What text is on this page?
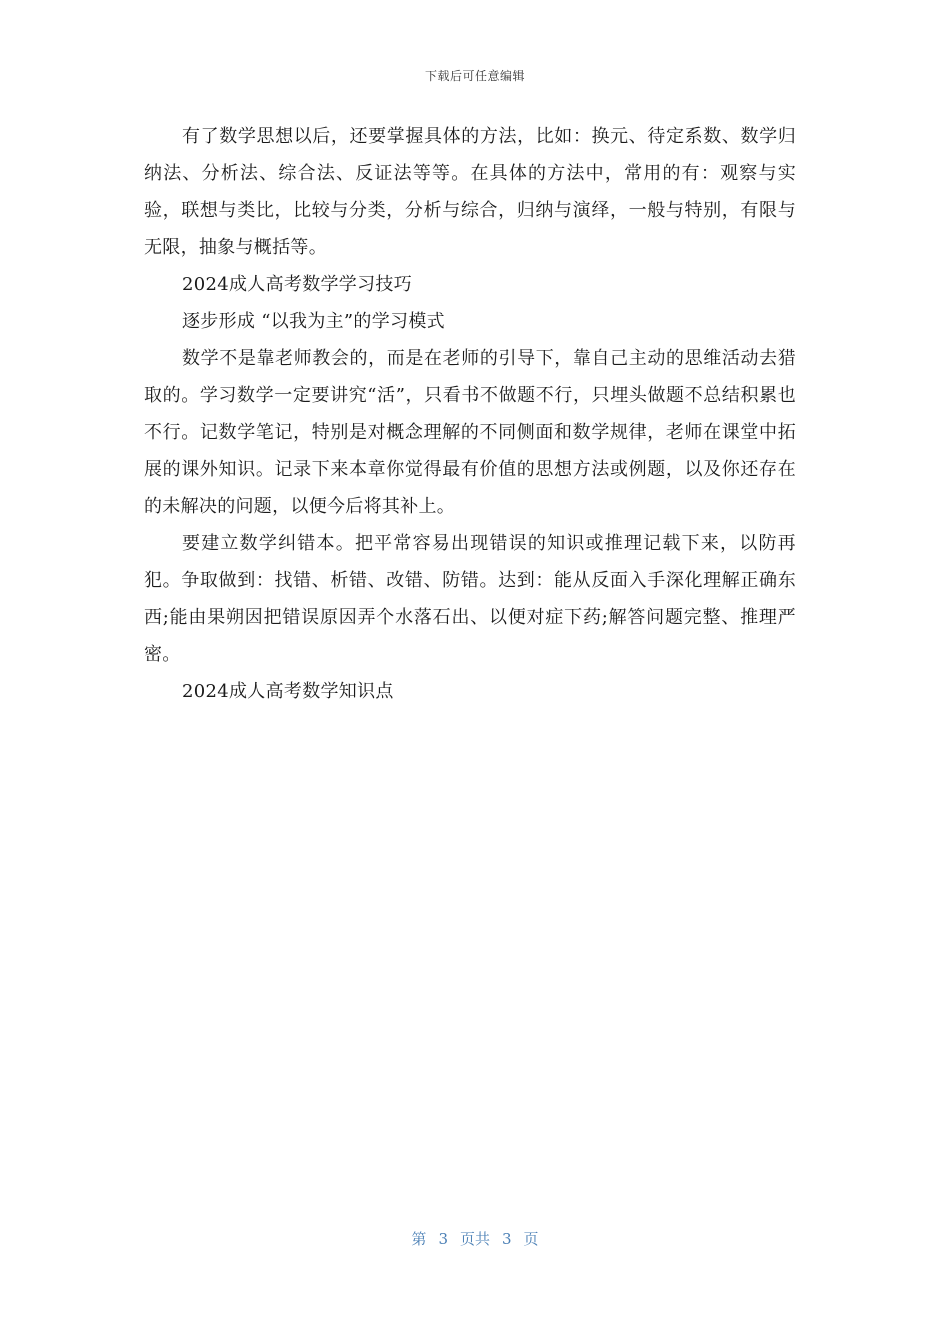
下载后可任意编辑

有了数学思想以后，还要掌握具体的方法，比如：换元、待定系数、数学归纳法、分析法、综合法、反证法等等。在具体的方法中，常用的有：观察与实验，联想与类比，比较与分类，分析与综合，归纳与演绎，一般与特别，有限与无限，抽象与概括等。

2024成人高考数学学习技巧

逐步形成 “以我为主”的学习模式

数学不是靠老师教会的，而是在老师的引导下，靠自己主动的思维活动去猎取的。学习数学一定要讲究“活”，只看书不做题不行，只埋头做题不总结积累也不行。记数学笔记，特别是对概念理解的不同侧面和数学规律，老师在课堂中拓展的课外知识。记录下来本章你觉得最有价值的思想方法或例题，以及你还存在的未解决的问题，以便今后将其补上。

要建立数学纠错本。把平常容易出现错误的知识或推理记载下来，以防再犯。争取做到：找错、析错、改错、防错。达到：能从反面入手深化理解正确东西;能由果朔因把错误原因弄个水落石出、以便对症下药;解答问题完整、推理严密。

2024成人高考数学知识点

第 3 页共 3 页
